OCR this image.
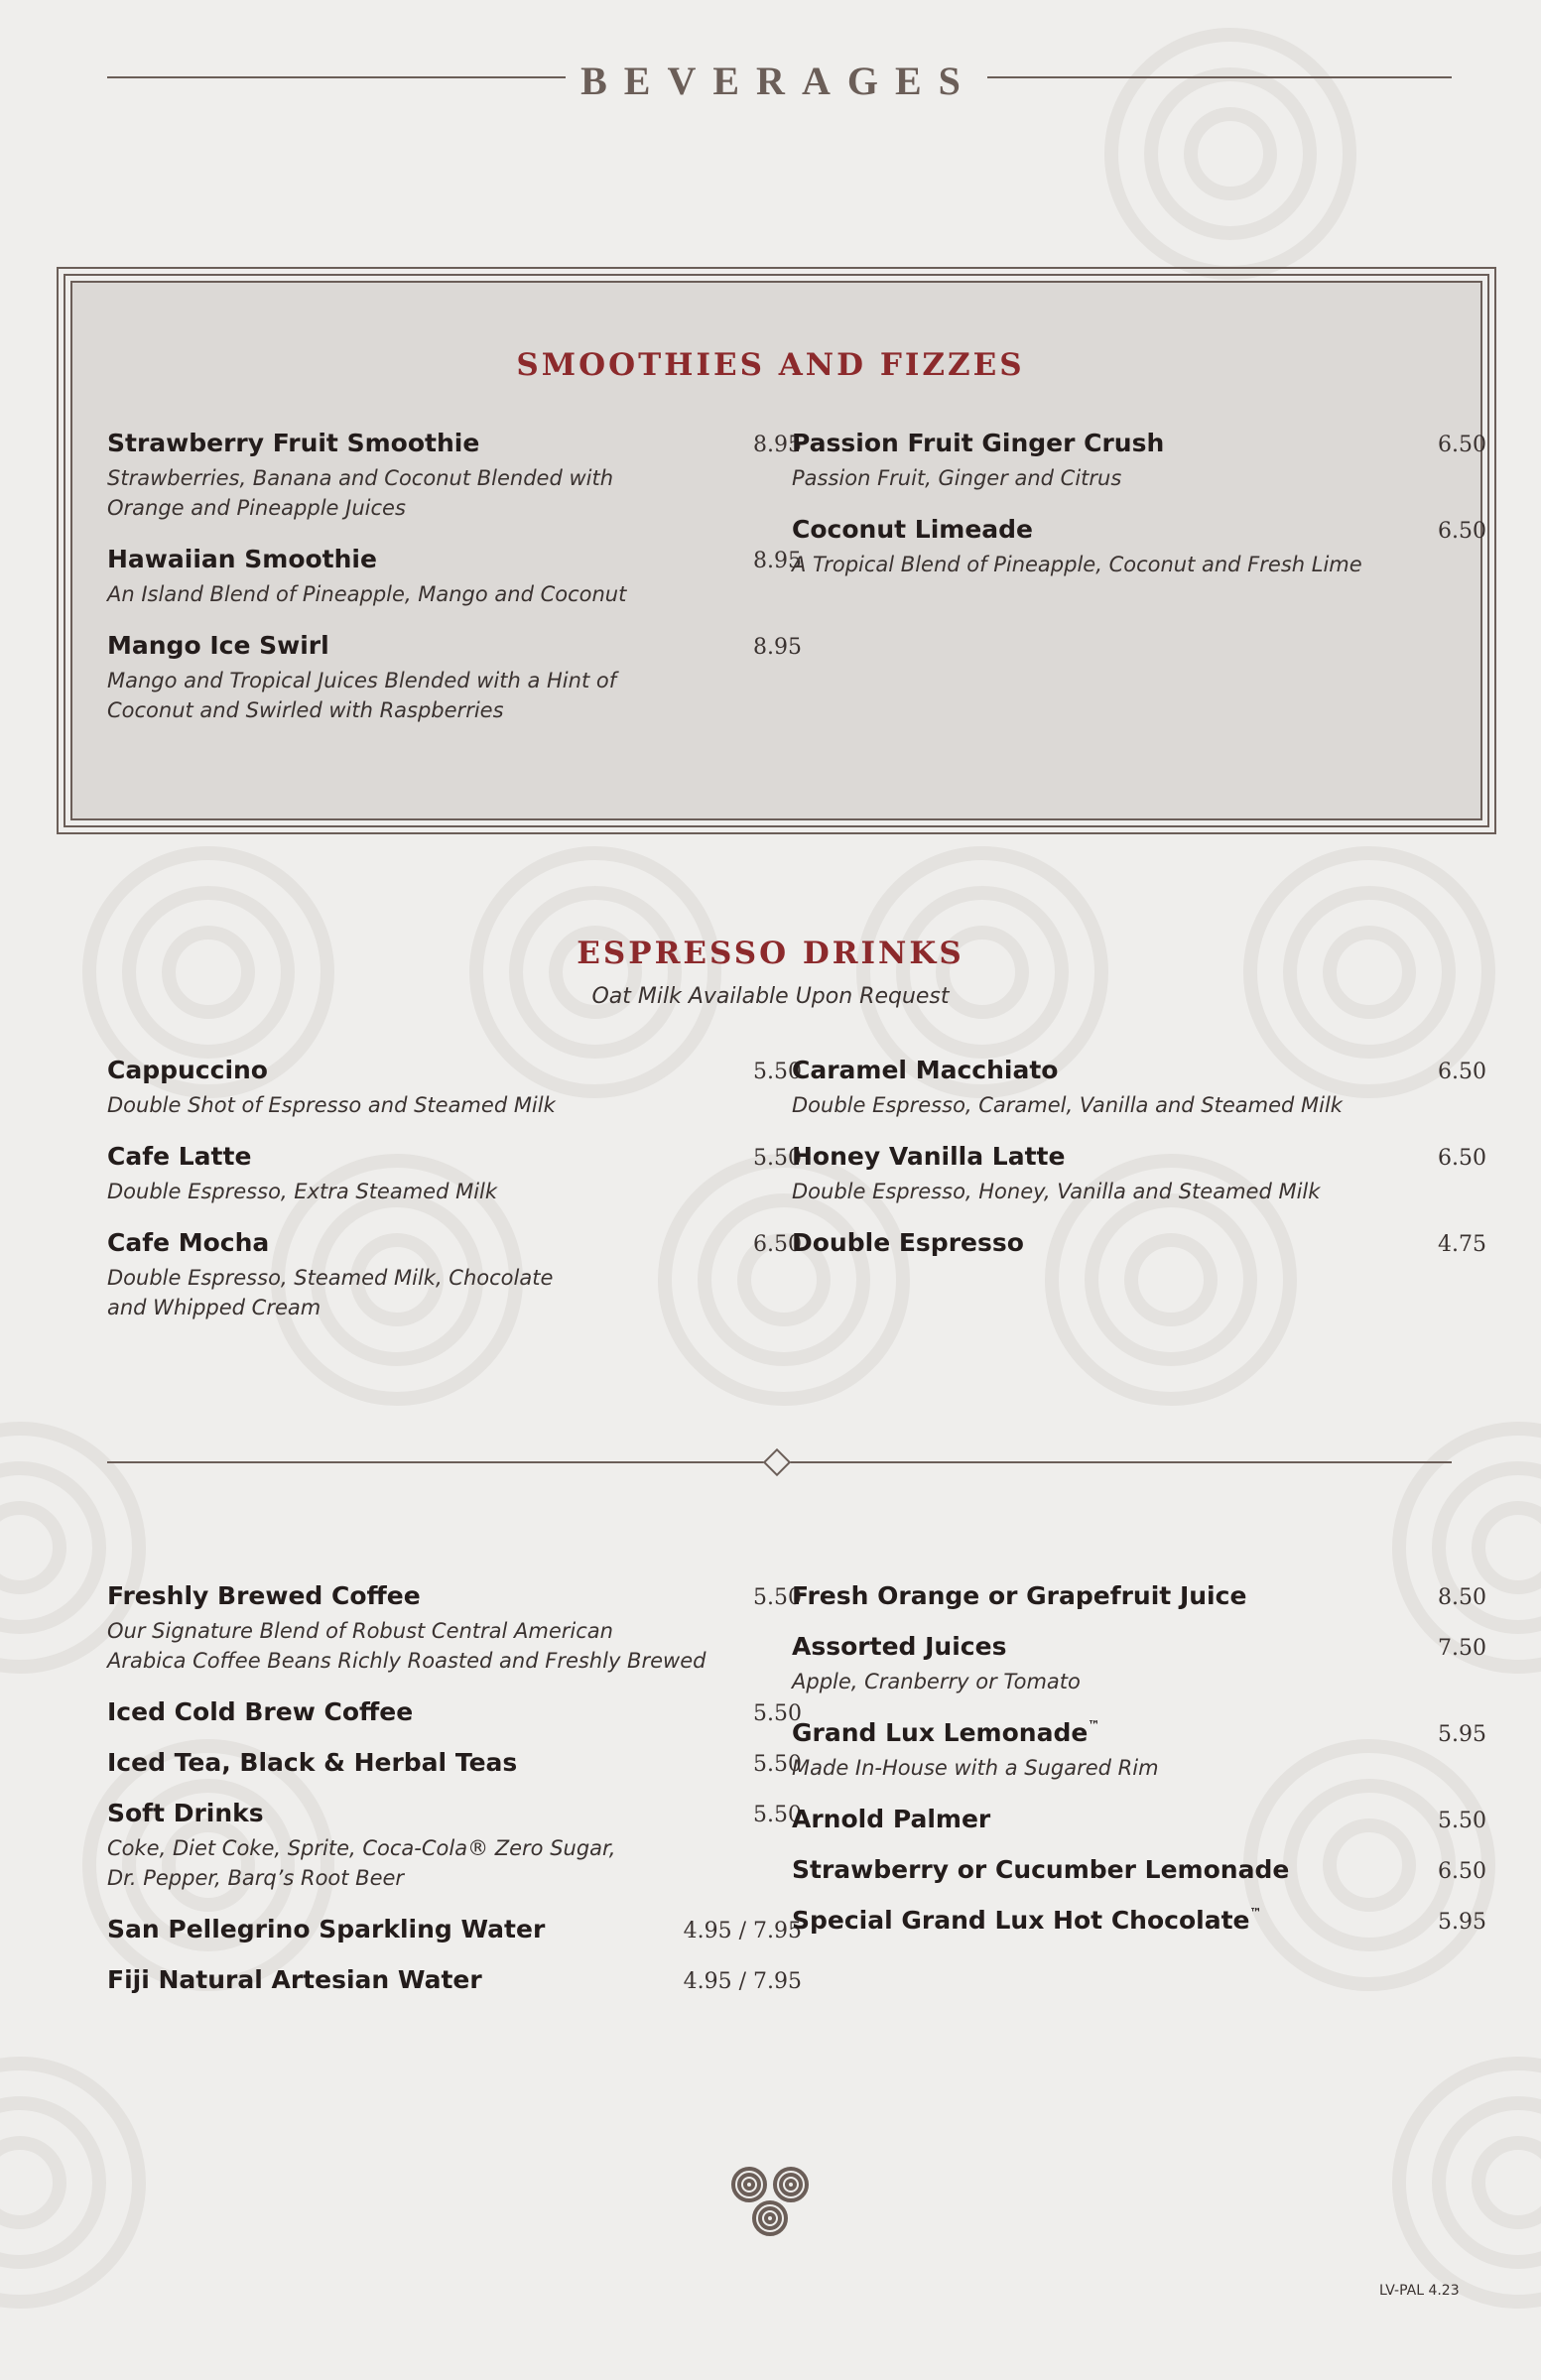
BEVERAGES
SMOOTHIES AND FIZZES
Strawberry Fruit Smoothie	8.95
Strawberries, Banana and Coconut Blended with
Orange and Pineapple Juices
Hawaiian Smoothie	8.95
An Island Blend of Pineapple, Mango and Coconut
Mango Ice Swirl	8.95
Mango and Tropical Juices Blended with a Hint of
Coconut and Swirled with Raspberries
Passion Fruit Ginger Crush	6.50
Passion Fruit, Ginger and Citrus
Coconut Limeade	6.50
A Tropical Blend of Pineapple, Coconut and Fresh Lime
ESPRESSO DRINKS
Oat Milk Available Upon Request
Cappuccino	5.50
Double Shot of Espresso and Steamed Milk
Cafe Latte	5.50
Double Espresso, Extra Steamed Milk
Cafe Mocha	6.50
Double Espresso, Steamed Milk, Chocolate
and Whipped Cream
Caramel Macchiato	6.50
Double Espresso, Caramel, Vanilla and Steamed Milk
Honey Vanilla Latte	6.50
Double Espresso, Honey, Vanilla and Steamed Milk
Double Espresso	4.75
Freshly Brewed Coffee	5.50
Our Signature Blend of Robust Central American
Arabica Coffee Beans Richly Roasted and Freshly Brewed
Iced Cold Brew Coffee	5.50
Iced Tea, Black & Herbal Teas	5.50
Soft Drinks	5.50
Coke, Diet Coke, Sprite, Coca-Cola® Zero Sugar,
Dr. Pepper, Barq’s Root Beer
San Pellegrino Sparkling Water	4.95 / 7.95
Fiji Natural Artesian Water	4.95 / 7.95
Fresh Orange or Grapefruit Juice	8.50
Assorted Juices	7.50
Apple, Cranberry or Tomato
Grand Lux Lemonade™	5.95
Made In-House with a Sugared Rim
Arnold Palmer	5.50
Strawberry or Cucumber Lemonade	6.50
Special Grand Lux Hot Chocolate™	5.95
LV-PAL 4.23
